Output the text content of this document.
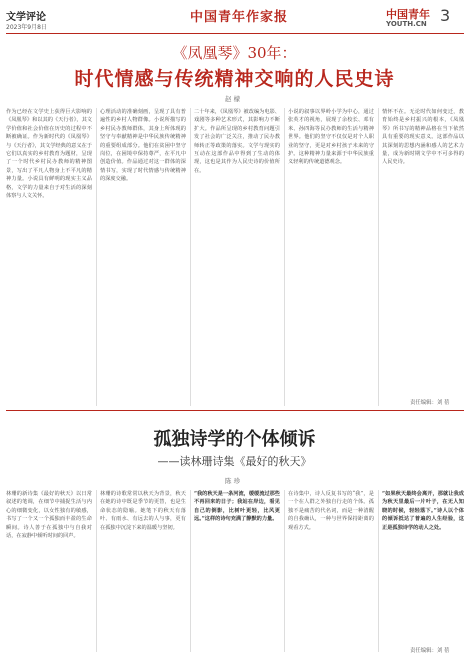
文学评论
2023年9月8日
中国青年作家报	中国青年
YOUTH.CN 3
《凤凰琴》30年：
时代情感与传统精神交响的人民史诗
赵 檬
作为已经在文学史上获得巨大影响的《凤凰琴》和以其的《天行者》，其文学价值和社会价值在历史的过程中不断被确证。作为新时代的《凤凰琴》与《天行者》，其文学经典的意义在于它们以真实的乡村教育为题材，呈现了一个时代乡村民办教师的精神图景，写出了平凡人物身上不平凡的精神力量。小说具有鲜明的现实主义品格，文学的力量来自于对生活的深刻体察与人文关怀。
心理活动的准确刻画，呈现了具有普遍性的乡村人物群像。小说所描写的乡村民办教师群体，其身上所体现的坚守与奉献精神是中华民族传统精神的重要组成部分。他们在贫困中坚守岗位，在困境中保持尊严，在平凡中创造价值。作品通过对这一群体的深情书写，实现了时代情感与传统精神的深度交融。
二十年来，《凤凰琴》被改编为电影、戏剧等多种艺术形式，其影响力不断扩大。作品所呈现的乡村教育问题引发了社会的广泛关注，推动了民办教师转正等政策的落实。文学与现实的互动在这部作品中得到了生动的体现，这也是其作为人民史诗的价值所在。
小说的叙事以界岭小学为中心，通过张英才的视角，展现了余校长、邓有米、孙四海等民办教师的生活与精神世界。他们的坚守不仅仅是对个人职业的坚守，更是对乡村孩子未来的守护。这种精神力量来源于中华民族重义轻利的传统道德观念。
情怀不在。无论时代如何变迁，教育始终是乡村振兴的根本，《凤凰琴》所书写的精神品格在当下依然具有重要的现实意义。这部作品以其深刻的思想内涵和感人的艺术力量，成为新时期文学中不可多得的人民史诗。
责任编辑：刘 蓓
孤独诗学的个体倾诉
——读林珊诗集《最好的秋天》
陈 珍
林珊的新诗集《最好的秋天》以日常叙述的笔调，在细节中捕捉生活与内心的细微变化，以女性独有的敏感，书写了一个又一个孤独而丰盈的生命瞬间。诗人善于在孤独中与自我对话，在寂静中倾听时间的回声。
林珊的诗歌常常以秋天为背景，秋天在她的诗中既是季节的更替，也是生命状态的隐喻。她笔下的秋天有落叶、有雨水、有远去的人与事，更有在孤独中沉淀下来的温暖与坚韧。
“我的秋天是一条河流，缓缓流过那些不再回来的日子；我站在岸边，看见自己的倒影，比树叶更轻，比风更远。”这样的诗句充满了静默的力量。
在诗集中，诗人反复书写的“我”，是一个在人群之外独自行走的个体。孤独不是痛苦的代名词，而是一种清醒的自我确认，一种与世界保持距离的观看方式。
“如果秋天最终会离开，那就让我成为秋天里最后一片叶子，在无人知晓的时候，轻轻落下。”诗人以个体的倾诉抵达了普遍的人生经验，这正是孤独诗学的动人之处。
责任编辑：刘 蓓
